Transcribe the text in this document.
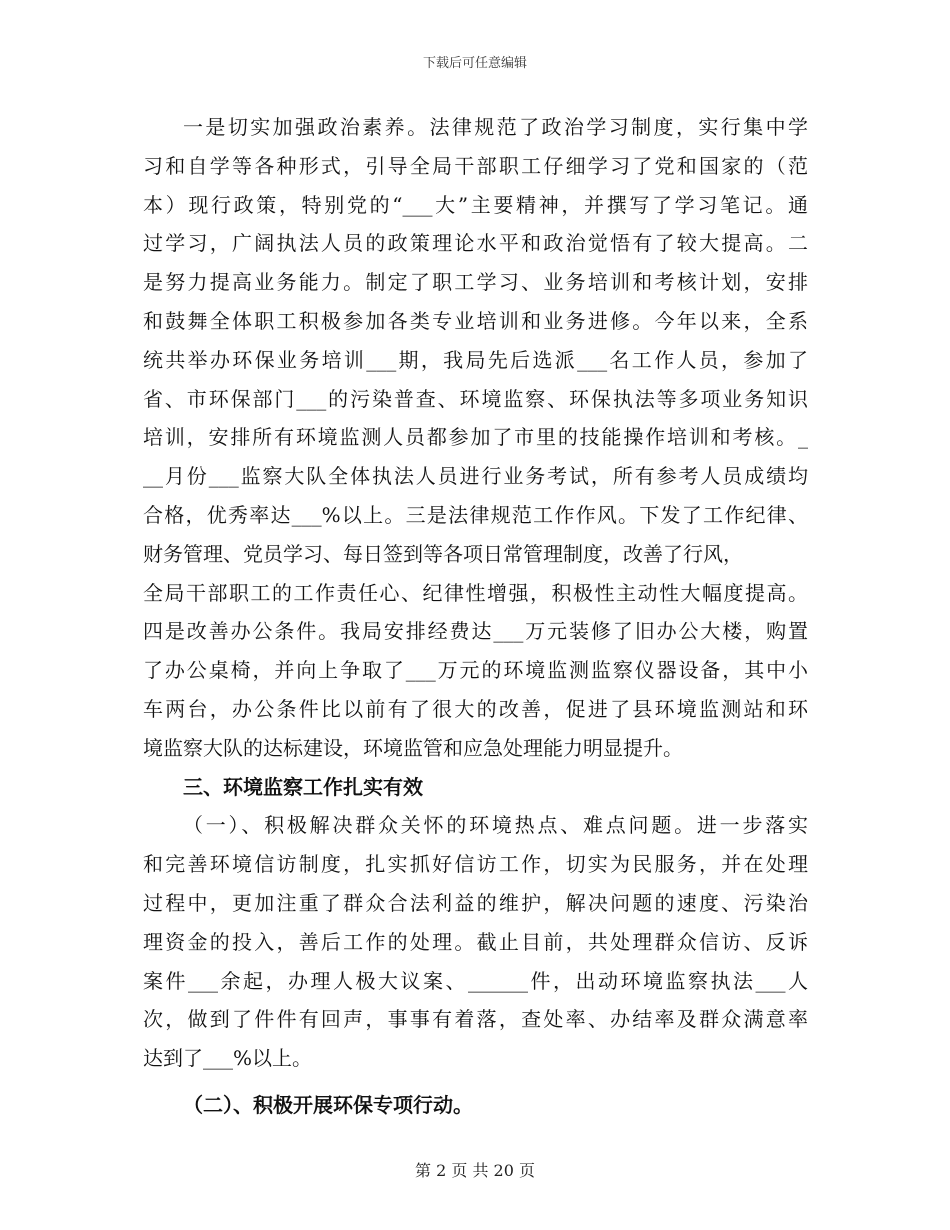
下载后可任意编辑
一是切实加强政治素养。法律规范了政治学习制度，实行集中学
习和自学等各种形式，引导全局干部职工仔细学习了党和国家的（范
本）现行政策，特别党的“___大”主要精神，并撰写了学习笔记。通
过学习，广阔执法人员的政策理论水平和政治觉悟有了较大提高。二
是努力提高业务能力。制定了职工学习、业务培训和考核计划，安排
和鼓舞全体职工积极参加各类专业培训和业务进修。今年以来，全系
统共举办环保业务培训___期，我局先后选派___名工作人员，参加了
省、市环保部门___的污染普查、环境监察、环保执法等多项业务知识
培训，安排所有环境监测人员都参加了市里的技能操作培训和考核。_
__月份___监察大队全体执法人员进行业务考试，所有参考人员成绩均
合格，优秀率达___%以上。三是法律规范工作作风。下发了工作纪律、
财务管理、党员学习、每日签到等各项日常管理制度，改善了行风，
全局干部职工的工作责任心、纪律性增强，积极性主动性大幅度提高。
四是改善办公条件。我局安排经费达___万元装修了旧办公大楼，购置
了办公桌椅，并向上争取了___万元的环境监测监察仪器设备，其中小
车两台，办公条件比以前有了很大的改善，促进了县环境监测站和环
境监察大队的达标建设，环境监管和应急处理能力明显提升。
三、环境监察工作扎实有效
（一）、积极解决群众关怀的环境热点、难点问题。进一步落实
和完善环境信访制度，扎实抓好信访工作，切实为民服务，并在处理
过程中，更加注重了群众合法利益的维护，解决问题的速度、污染治
理资金的投入，善后工作的处理。截止目前，共处理群众信访、反诉
案件___余起，办理人极大议案、______件，出动环境监察执法___人
次，做到了件件有回声，事事有着落，查处率、办结率及群众满意率
达到了___%以上。
（二）、积极开展环保专项行动。
第 2 页 共 20 页
